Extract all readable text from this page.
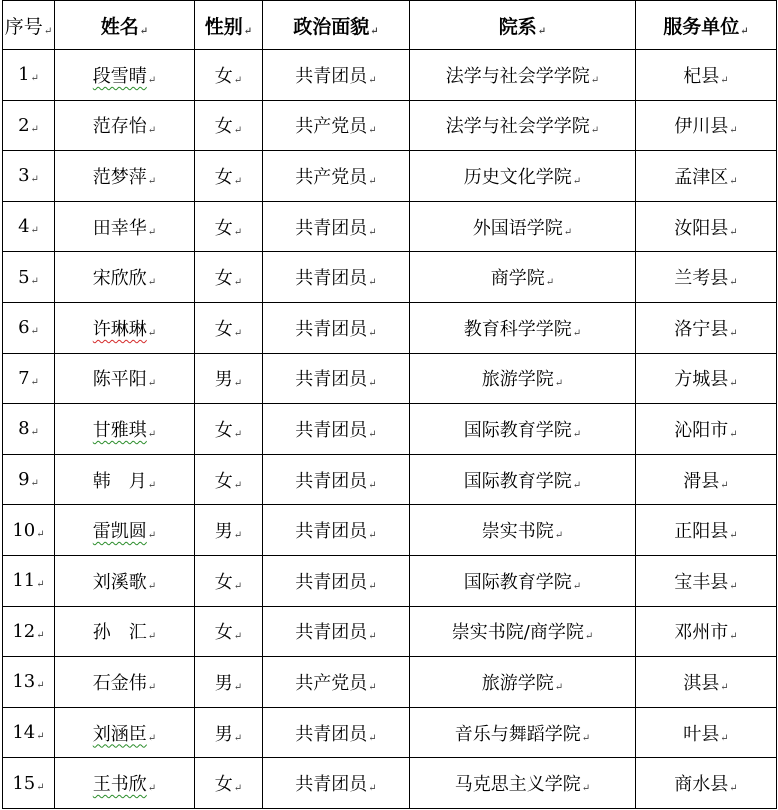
序号↵	姓名↵	性别↵	政治面貌↵	院系↵	服务单位↵
1↵	段雪晴↵	女↵	共青团员↵	法学与社会学学院↵	杞县↵
2↵	范存怡↵	女↵	共产党员↵	法学与社会学学院↵	伊川县↵
3↵	范梦萍↵	女↵	共产党员↵	历史文化学院↵	孟津区↵
4↵	田幸华↵	女↵	共青团员↵	外国语学院↵	汝阳县↵
5↵	宋欣欣↵	女↵	共青团员↵	商学院↵	兰考县↵
6↵	许琳琳↵	女↵	共青团员↵	教育科学学院↵	洛宁县↵
7↵	陈平阳↵	男↵	共青团员↵	旅游学院↵	方城县↵
8↵	甘雅琪↵	女↵	共青团员↵	国际教育学院↵	沁阳市↵
9↵	韩　月↵	女↵	共青团员↵	国际教育学院↵	滑县↵
10↵	雷凯圆↵	男↵	共青团员↵	崇实书院↵	正阳县↵
11↵	刘溪歌↵	女↵	共青团员↵	国际教育学院↵	宝丰县↵
12↵	孙　汇↵	女↵	共青团员↵	崇实书院/商学院↵	邓州市↵
13↵	石金伟↵	男↵	共产党员↵	旅游学院↵	淇县↵
14↵	刘涵臣↵	男↵	共青团员↵	音乐与舞蹈学院↵	叶县↵
15↵	王书欣↵	女↵	共青团员↵	马克思主义学院↵	商水县↵
